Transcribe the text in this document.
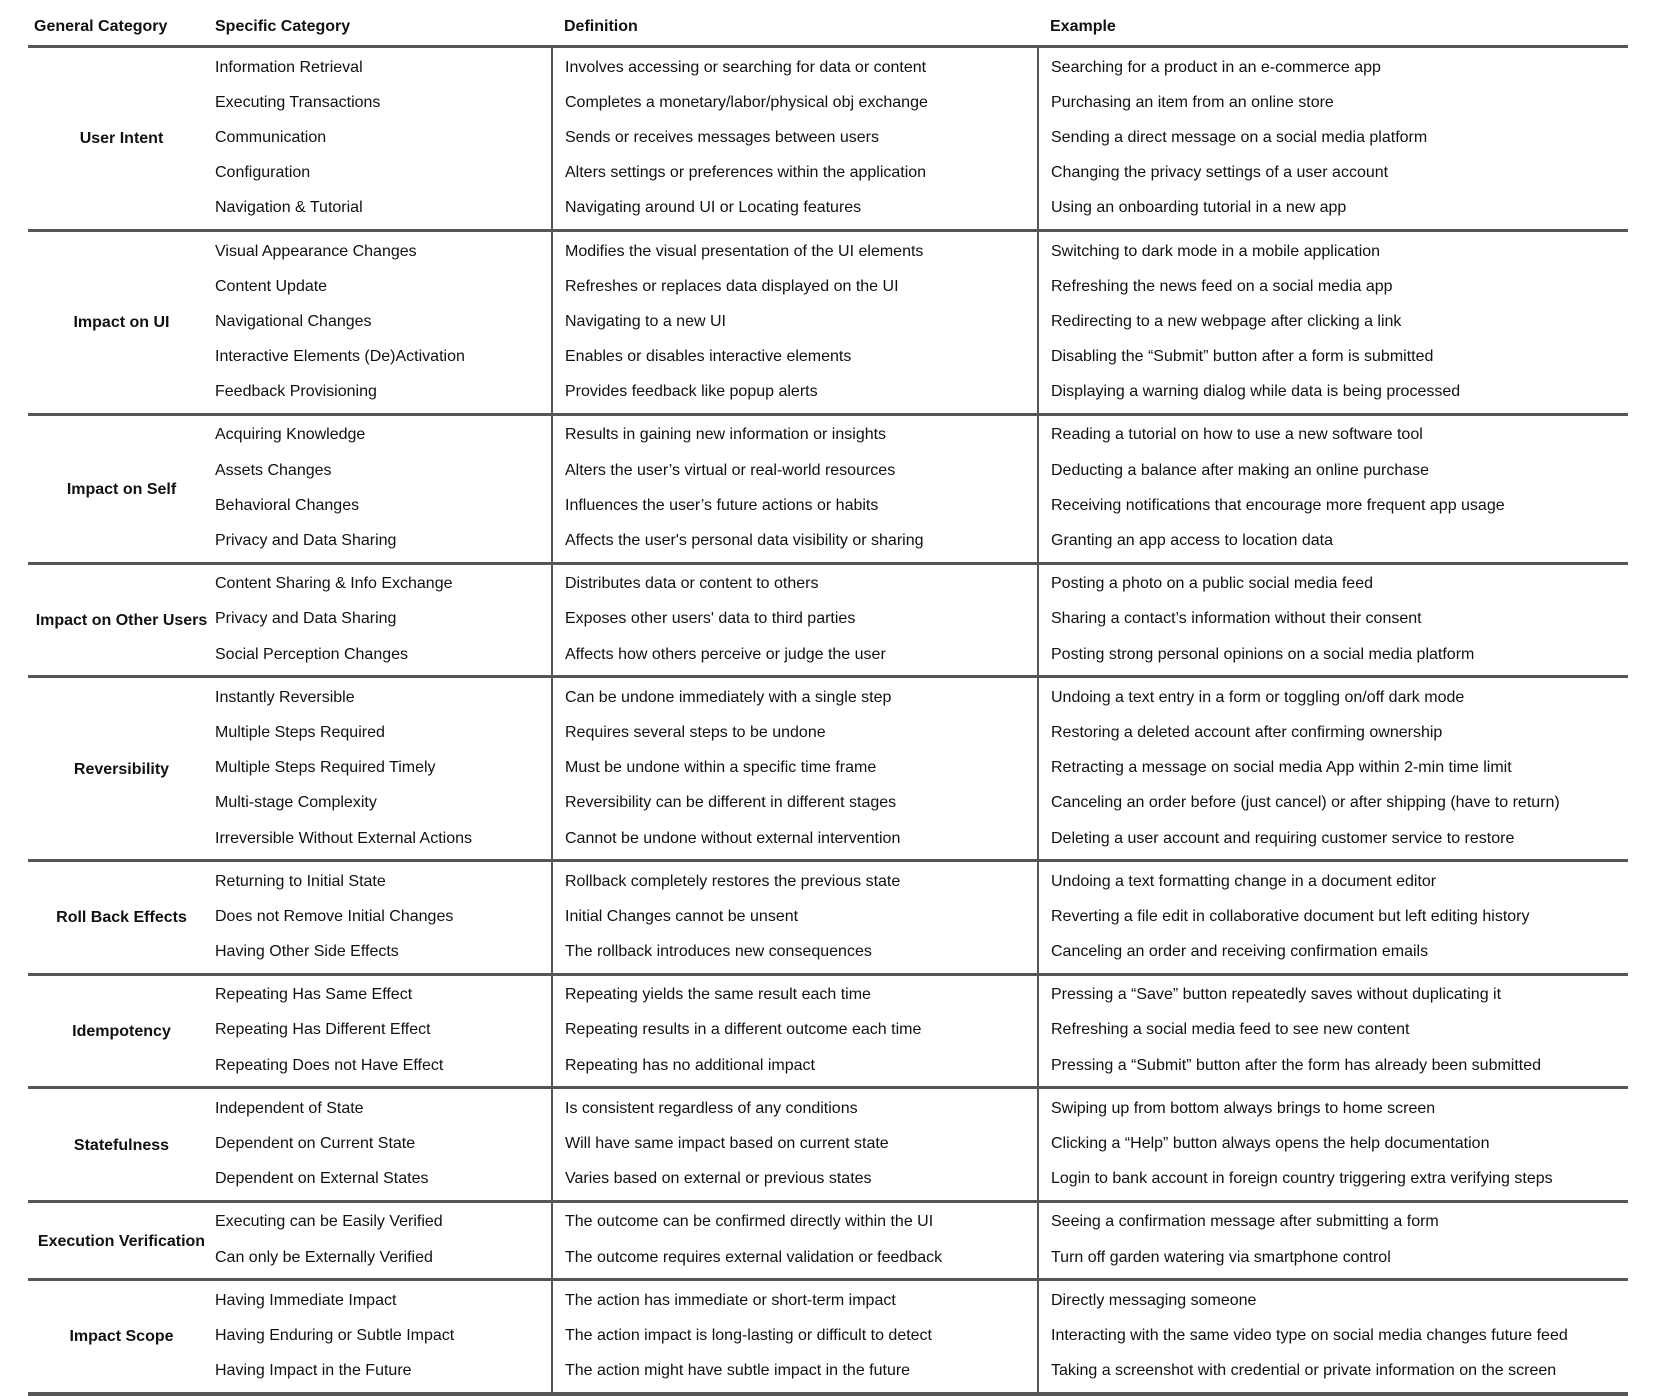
General Category	Specific Category	Definition	Example
User Intent	Information Retrieval	Involves accessing or searching for data or content	Searching for a product in an e-commerce app
	Executing Transactions	Completes a monetary/labor/physical obj exchange	Purchasing an item from an online store
	Communication	Sends or receives messages between users	Sending a direct message on a social media platform
	Configuration	Alters settings or preferences within the application	Changing the privacy settings of a user account
	Navigation & Tutorial	Navigating around UI or Locating features	Using an onboarding tutorial in a new app
Impact on UI	Visual Appearance Changes	Modifies the visual presentation of the UI elements	Switching to dark mode in a mobile application
	Content Update	Refreshes or replaces data displayed on the UI	Refreshing the news feed on a social media app
	Navigational Changes	Navigating to a new UI	Redirecting to a new webpage after clicking a link
	Interactive Elements (De)Activation	Enables or disables interactive elements	Disabling the “Submit” button after a form is submitted
	Feedback Provisioning	Provides feedback like popup alerts	Displaying a warning dialog while data is being processed
Impact on Self	Acquiring Knowledge	Results in gaining new information or insights	Reading a tutorial on how to use a new software tool
	Assets Changes	Alters the user’s virtual or real-world resources	Deducting a balance after making an online purchase
	Behavioral Changes	Influences the user’s future actions or habits	Receiving notifications that encourage more frequent app usage
	Privacy and Data Sharing	Affects the user's personal data visibility or sharing	Granting an app access to location data
Impact on Other Users	Content Sharing & Info Exchange	Distributes data or content to others	Posting a photo on a public social media feed
	Privacy and Data Sharing	Exposes other users' data to third parties	Sharing a contact’s information without their consent
	Social Perception Changes	Affects how others perceive or judge the user	Posting strong personal opinions on a social media platform
Reversibility	Instantly Reversible	Can be undone immediately with a single step	Undoing a text entry in a form or toggling on/off dark mode
	Multiple Steps Required	Requires several steps to be undone	Restoring a deleted account after confirming ownership
	Multiple Steps Required Timely	Must be undone within a specific time frame	Retracting a message on social media App within 2-min time limit
	Multi-stage Complexity	Reversibility can be different in different stages	Canceling an order before (just cancel) or after shipping (have to return)
	Irreversible Without External Actions	Cannot be undone without external intervention	Deleting a user account and requiring customer service to restore
Roll Back Effects	Returning to Initial State	Rollback completely restores the previous state	Undoing a text formatting change in a document editor
	Does not Remove Initial Changes	Initial Changes cannot be unsent	Reverting a file edit in collaborative document but left editing history
	Having Other Side Effects	The rollback introduces new consequences	Canceling an order and receiving confirmation emails
Idempotency	Repeating Has Same Effect	Repeating yields the same result each time	Pressing a “Save” button repeatedly saves without duplicating it
	Repeating Has Different Effect	Repeating results in a different outcome each time	Refreshing a social media feed to see new content
	Repeating Does not Have Effect	Repeating has no additional impact	Pressing a “Submit” button after the form has already been submitted
Statefulness	Independent of State	Is consistent regardless of any conditions	Swiping up from bottom always brings to home screen
	Dependent on Current State	Will have same impact based on current state	Clicking a “Help” button always opens the help documentation
	Dependent on External States	Varies based on external or previous states	Login to bank account in foreign country triggering extra verifying steps
Execution Verification	Executing can be Easily Verified	The outcome can be confirmed directly within the UI	Seeing a confirmation message after submitting a form
	Can only be Externally Verified	The outcome requires external validation or feedback	Turn off garden watering via smartphone control
Impact Scope	Having Immediate Impact	The action has immediate or short-term impact	Directly messaging someone
	Having Enduring or Subtle Impact	The action impact is long-lasting or difficult to detect	Interacting with the same video type on social media changes future feed
	Having Impact in the Future	The action might have subtle impact in the future	Taking a screenshot with credential or private information on the screen
